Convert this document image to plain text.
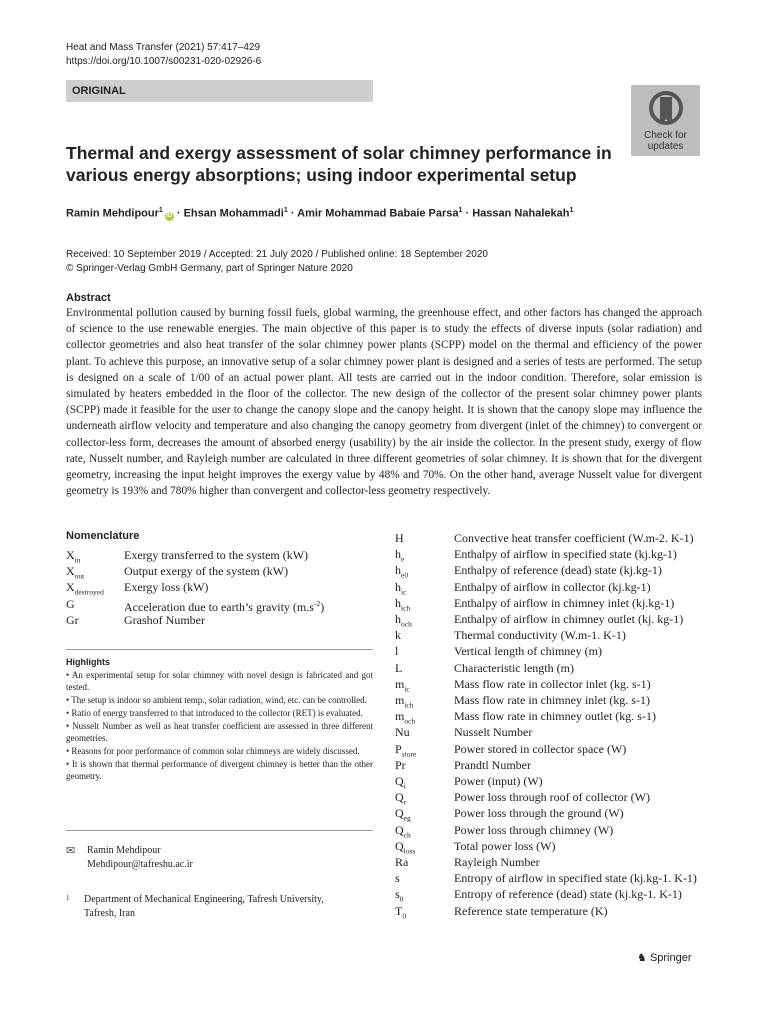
Heat and Mass Transfer (2021) 57:417–429
https://doi.org/10.1007/s00231-020-02926-6
ORIGINAL
Check for
updates
Thermal and exergy assessment of solar chimney performance in various energy absorptions; using indoor experimental setup
Ramin Mehdipour$^1$iD · Ehsan Mohammadi$^1$ · Amir Mohammad Babaie Parsa$^1$ · Hassan Nahalekah$^1$
Received: 10 September 2019 / Accepted: 21 July 2020 / Published online: 18 September 2020
© Springer-Verlag GmbH Germany, part of Springer Nature 2020
Abstract

Environmental pollution caused by burning fossil fuels, global warming, the greenhouse effect, and other factors has changed the approach of science to the use renewable energies. The main objective of this paper is to study the effects of diverse inputs (solar radiation) and collector geometries and also heat transfer of the solar chimney power plants (SCPP) model on the thermal and efficiency of the power plant. To achieve this purpose, an innovative setup of a solar chimney power plant is designed and a series of tests are performed. The setup is designed on a scale of 1/00 of an actual power plant. All tests are carried out in the indoor condition. Therefore, solar emission is simulated by heaters embedded in the floor of the collector. The new design of the collector of the present solar chimney power plants (SCPP) made it feasible for the user to change the canopy slope and the canopy height. It is shown that the canopy slope may influence the underneath airflow velocity and temperature and also changing the canopy geometry from divergent (inlet of the chimney) to convergent or collector-less form, decreases the amount of absorbed energy (usability) by the air inside the collector. In the present study, exergy of flow rate, Nusselt number, and Rayleigh number are calculated in three different geometries of solar chimney. It is shown that for the divergent geometry, increasing the input height improves the exergy value by 48% and 70%. On the other hand, average Nusselt value for divergent geometry is 193% and 780% higher than convergent and collector-less geometry respectively.

Nomenclature
$X_{in}$	Exergy transferred to the system (kW)
$X_{out}$	Output exergy of the system (kW)
$X_{destroyed}$ Exergy loss (kW)
G	Acceleration due to earth’s gravity $(m.s^{-2})$
Gr	Grashof Number
H	Convective heat transfer coefficient (W.m-2. K-1)
$h_e$	Enthalpy of airflow in specified state (kj.kg-1)
$h_{e0}$	Enthalpy of reference (dead) state (kj.kg-1)
$h_{ic}$	Enthalpy of airflow in collector (kj.kg-1)
$h_{ich}$	Enthalpy of airflow in chimney inlet (kj.kg-1)
$h_{och}$	Enthalpy of airflow in chimney outlet (kj. kg-1)
k	Thermal conductivity (W.m-1. K-1)
l	Vertical length of chimney (m)
L	Characteristic length (m)
$m_{ic}$	Mass flow rate in collector inlet (kg. s-1)
$m_{ich}$	Mass flow rate in chimney inlet (kg. s-1)
$m_{och}$	Mass flow rate in chimney outlet (kg. s-1)
Nu	Nusselt Number
$P_{store}$	Power stored in collector space (W)
Pr	Prandtl Number
$Q_i$	Power (input) (W)
$Q_r$	Power loss through roof of collector (W)
$Q_{eg}$	Power loss through the ground (W)
$Q_{ch}$	Power loss through chimney (W)
$Q_{loss}$	Total power loss (W)
Ra	Rayleigh Number
s	Entropy of airflow in specified state (kj.kg-1. K-1)
$s_0$	Entropy of reference (dead) state (kj.kg-1. K-1)
$T_0$	Reference state temperature (K)
Highlights
• An experimental setup for solar chimney with novel design is fabricated and got tested.
• The setup is indoor so ambient temp., solar radiation, wind, etc. can be controlled.
• Ratio of energy transferred to that introduced to the collector (RET) is evaluated.
• Nusselt Number as well as heat transfer coefficient are assessed in three different geometries.
• Reasons for poor performance of common solar chimneys are widely discussed.
• It is shown that thermal performance of divergent chimney is better than the other geometry.
✉ Ramin Mehdipour
Mehdipour@tafreshu.ac.ir
1 Department of Mechanical Engineering, Tafresh University,
Tafresh, Iran
♞ Springer
